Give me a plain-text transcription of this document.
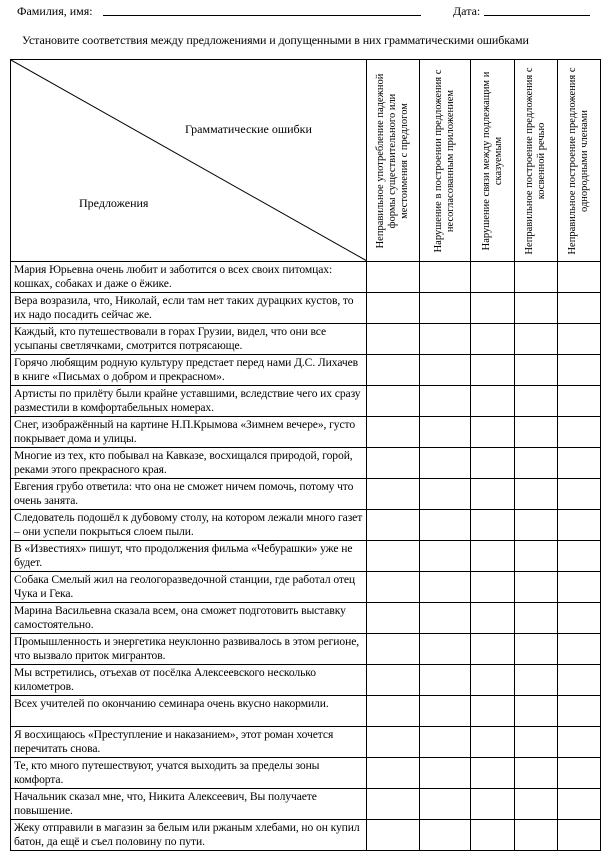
Фамилия, имя:	Дата:
Установите соответствия между предложениями и допущенными в них грамматическими ошибками
Грамматические ошибки
Предложения	Неправильное употребление падежной формы существительного или местоимения с предлогом	Нарушение в построении предложения с несогласованным приложением	Нарушение связи между подлежащим и сказуемым	Неправильное построение предложения с косвенной речью	Неправильное построение предложения с однородными членами

Мария Юрьевна очень любит и заботится о всех своих питомцах: кошках, собаках и даже о ёжике.					
Вера возразила, что, Николай, если там нет таких дурацких кустов, то их надо посадить сейчас же.					
Каждый, кто путешествовали в горах Грузии, видел, что они все усыпаны светлячками, смотрится потрясающе.					
Горячо любящим родную культуру предстает перед нами Д.С. Лихачев в книге «Письмах о добром и прекрасном».					
Артисты по прилёту были крайне уставшими, вследствие чего их сразу разместили в комфортабельных номерах.					
Снег, изображённый на картине Н.П.Крымова «Зимнем вечере», густо покрывает дома и улицы.					
Многие из тех, кто побывал на Кавказе, восхищался природой, горой, реками этого прекрасного края.					
Евгения грубо ответила: что она не сможет ничем помочь, потому что очень занята.					
Следователь подошёл к дубовому столу, на котором лежали много газет – они успели покрыться слоем пыли.					
В «Известиях» пишут, что продолжения фильма «Чебурашки» уже не будет.					
Собака Смелый жил на геологоразведочной станции, где работал отец Чука и Гека.					
Марина Васильевна сказала всем, она сможет подготовить выставку самостоятельно.					
Промышленность и энергетика неуклонно развивалось в этом регионе, что вызвало приток мигрантов.					
Мы встретились, отъехав от посёлка Алексеевского несколько километров.					
Всех учителей по окончанию семинара очень вкусно накормили.					
Я восхищаюсь «Преступление и наказанием», этот роман хочется перечитать снова.					
Те, кто много путешествуют, учатся выходить за пределы зоны комфорта.					
Начальник сказал мне, что, Никита Алексеевич, Вы получаете повышение.					
Жеку отправили в магазин за белым или ржаным хлебами, но он купил батон, да ещё и съел половину по пути.					
